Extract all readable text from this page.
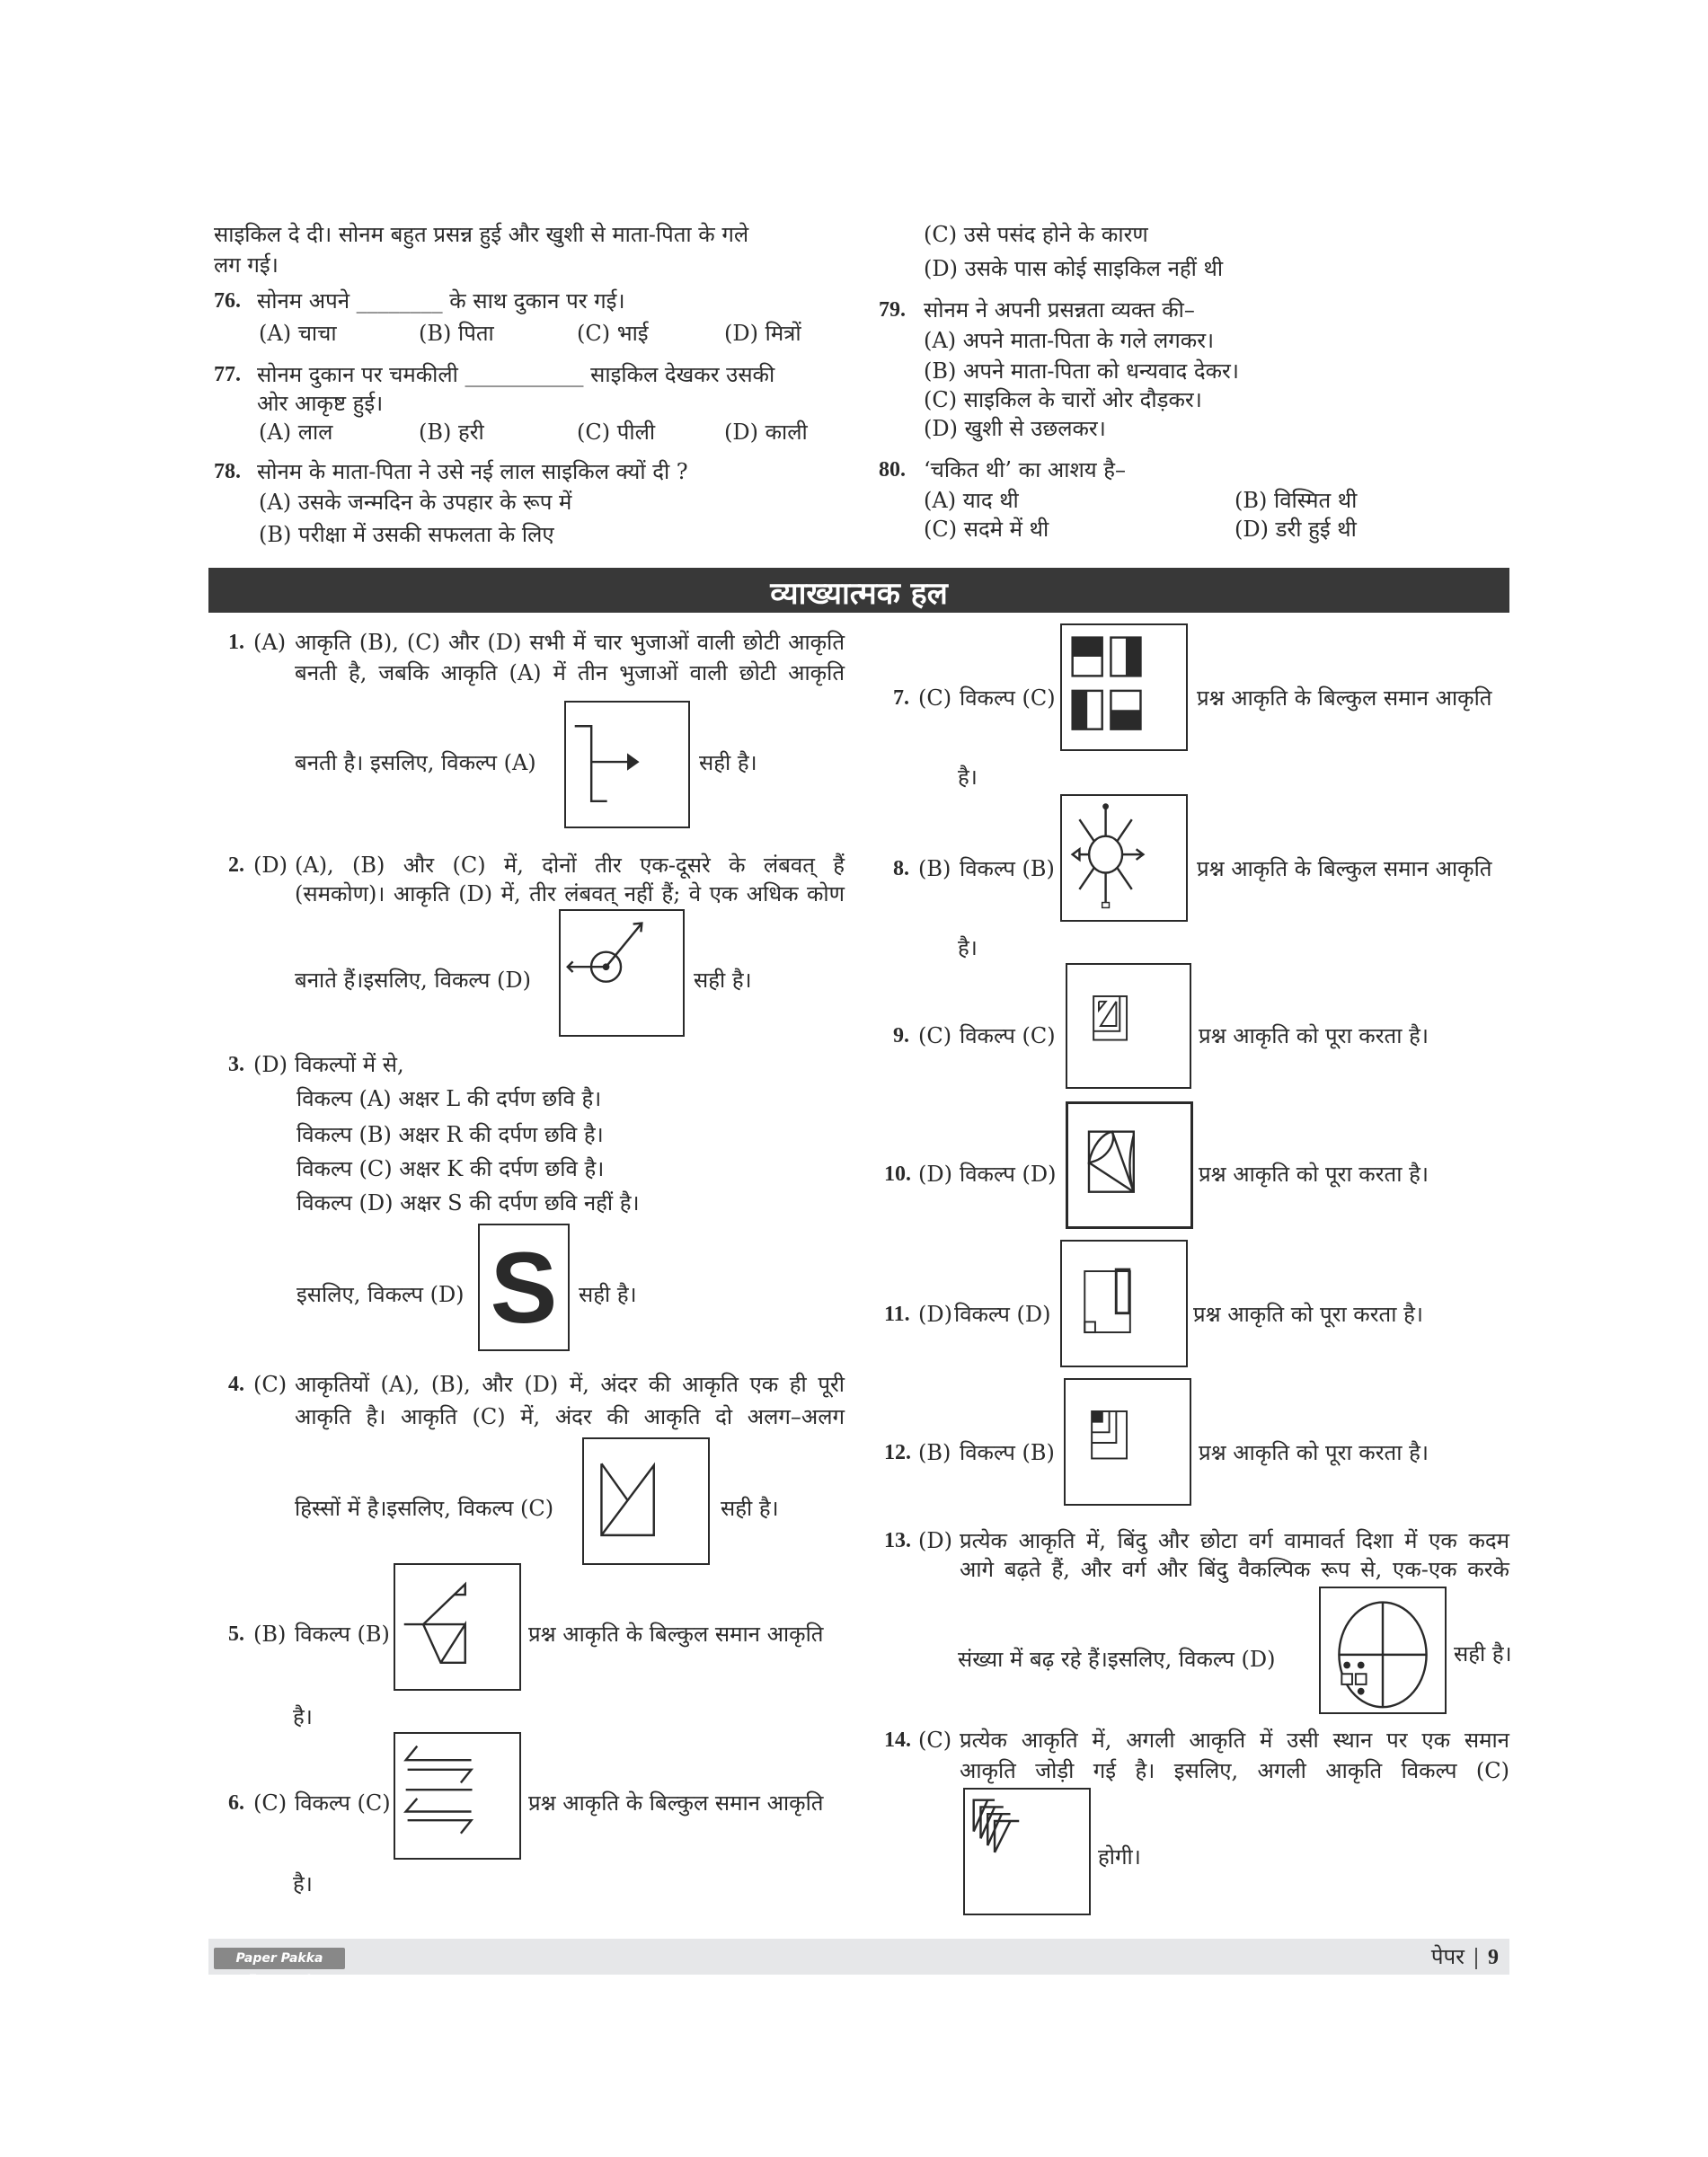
साइकिल दे दी। सोनम बहुत प्रसन्न हुई और खुशी से माता-पिता के गले
लग गई।
76. सोनम अपने ________ के साथ दुकान पर गई।
(A) चाचा	(B) पिता	(C) भाई	(D) मित्रों
77. सोनम दुकान पर चमकीली ___________ साइकिल देखकर उसकी
ओर आकृष्ट हुई।
(A) लाल	(B) हरी	(C) पीली	(D) काली
78. सोनम के माता-पिता ने उसे नई लाल साइकिल क्यों दी ?
(A) उसके जन्मदिन के उपहार के रूप में
(B) परीक्षा में उसकी सफलता के लिए
(C) उसे पसंद होने के कारण
(D) उसके पास कोई साइकिल नहीं थी
79. सोनम ने अपनी प्रसन्नता व्यक्त की–
(A) अपने माता-पिता के गले लगकर।
(B) अपने माता-पिता को धन्यवाद देकर।
(C) साइकिल के चारों ओर दौड़कर।
(D) खुशी से उछलकर।
80. ‘चकित थी’ का आशय है–
(A) याद थी	(B) विस्मित थी
(C) सदमे में थी	(D) डरी हुई थी
व्याख्यात्मक हल
1. (A) आकृति (B), (C) और (D) सभी में चार भुजाओं वाली छोटी आकृति
बनती है, जबकि आकृति (A) में तीन भुजाओं वाली छोटी आकृति
बनती है। इसलिए, विकल्प (A)	सही है।
2. (D) (A), (B) और (C) में, दोनों तीर एक-दूसरे के लंबवत् हैं
(समकोण)। आकृति (D) में, तीर लंबवत् नहीं हैं; वे एक अधिक कोण
बनाते हैं।इसलिए, विकल्प (D)	सही है।
3. (D) विकल्पों में से,
विकल्प (A) अक्षर L की दर्पण छवि है।
विकल्प (B) अक्षर R की दर्पण छवि है।
विकल्प (C) अक्षर K की दर्पण छवि है।
विकल्प (D) अक्षर S की दर्पण छवि नहीं है।
इसलिए, विकल्प (D) S सही है।
4. (C) आकृतियों (A), (B), और (D) में, अंदर की आकृति एक ही पूरी
आकृति है। आकृति (C) में, अंदर की आकृति दो अलग–अलग
हिस्सों में है।इसलिए, विकल्प (C)	सही है।
5. (B) विकल्प (B)	प्रश्न आकृति के बिल्कुल समान आकृति
है।
6. (C) विकल्प (C)	प्रश्न आकृति के बिल्कुल समान आकृति
है।
7. (C) विकल्प (C)	प्रश्न आकृति के बिल्कुल समान आकृति
है।
8. (B) विकल्प (B)	प्रश्न आकृति के बिल्कुल समान आकृति
है।
9. (C) विकल्प (C)	प्रश्न आकृति को पूरा करता है।
10. (D) विकल्प (D)	प्रश्न आकृति को पूरा करता है।
11. (D) विकल्प (D)	प्रश्न आकृति को पूरा करता है।
12. (B) विकल्प (B)	प्रश्न आकृति को पूरा करता है।
13. (D) प्रत्येक आकृति में, बिंदु और छोटा वर्ग वामावर्त दिशा में एक कदम
आगे बढ़ते हैं, और वर्ग और बिंदु वैकल्पिक रूप से, एक-एक करके
संख्या में बढ़ रहे हैं।इसलिए, विकल्प (D)	सही है।
14. (C) प्रत्येक आकृति में, अगली आकृति में उसी स्थान पर एक समान
आकृति जोड़ी गई है। इसलिए, अगली आकृति विकल्प (C)
होगी।
Paper Pakka Faasega!
पेपर 9
